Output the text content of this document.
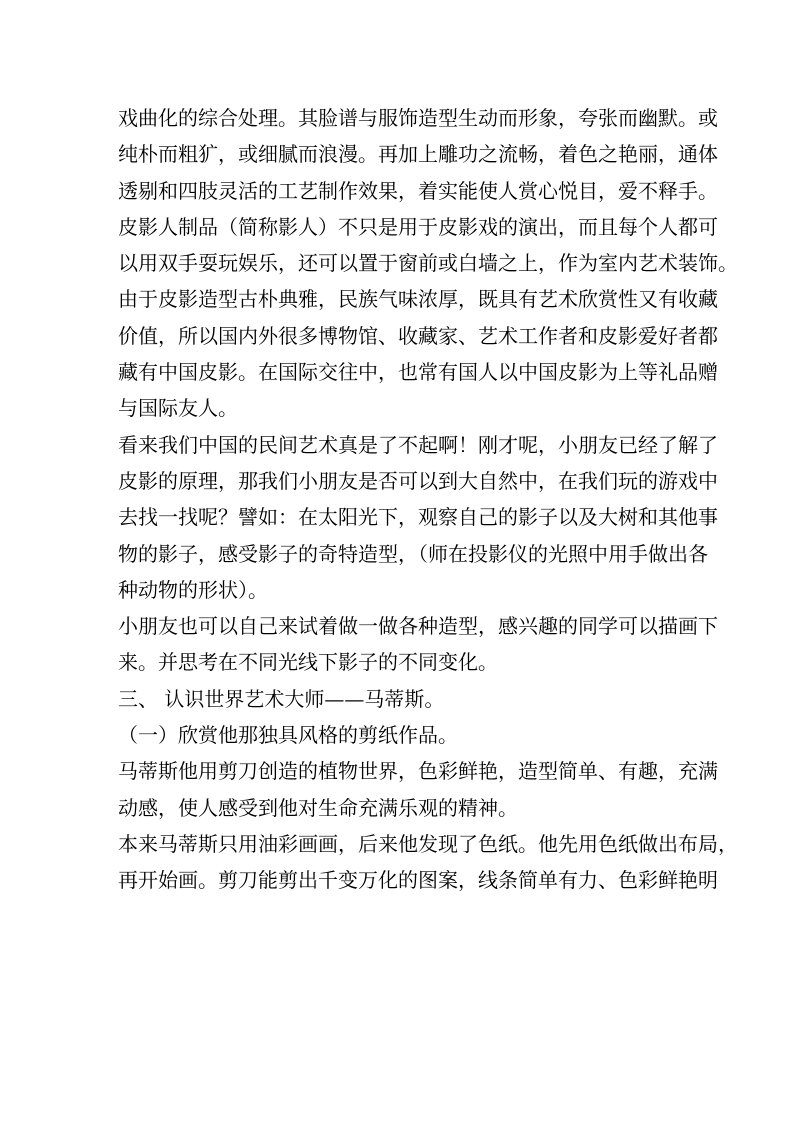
戏曲化的综合处理。其脸谱与服饰造型生动而形象，夸张而幽默。或
纯朴而粗犷，或细腻而浪漫。再加上雕功之流畅，着色之艳丽，通体
透剔和四肢灵活的工艺制作效果，着实能使人赏心悦目，爱不释手。
皮影人制品（简称影人）不只是用于皮影戏的演出，而且每个人都可
以用双手耍玩娱乐，还可以置于窗前或白墙之上，作为室内艺术装饰。
由于皮影造型古朴典雅，民族气味浓厚，既具有艺术欣赏性又有收藏
价值，所以国内外很多博物馆、收藏家、艺术工作者和皮影爱好者都
藏有中国皮影。在国际交往中，也常有国人以中国皮影为上等礼品赠
与国际友人。
看来我们中国的民间艺术真是了不起啊！刚才呢，小朋友已经了解了
皮影的原理，那我们小朋友是否可以到大自然中，在我们玩的游戏中
去找一找呢？譬如：在太阳光下，观察自己的影子以及大树和其他事
物的影子，感受影子的奇特造型，（师在投影仪的光照中用手做出各
种动物的形状）。
小朋友也可以自己来试着做一做各种造型，感兴趣的同学可以描画下
来。并思考在不同光线下影子的不同变化。
三、 认识世界艺术大师——马蒂斯。
（一）欣赏他那独具风格的剪纸作品。
马蒂斯他用剪刀创造的植物世界，色彩鲜艳，造型简单、有趣，充满
动感，使人感受到他对生命充满乐观的精神。
本来马蒂斯只用油彩画画，后来他发现了色纸。他先用色纸做出布局，
再开始画。剪刀能剪出千变万化的图案，线条简单有力、色彩鲜艳明
